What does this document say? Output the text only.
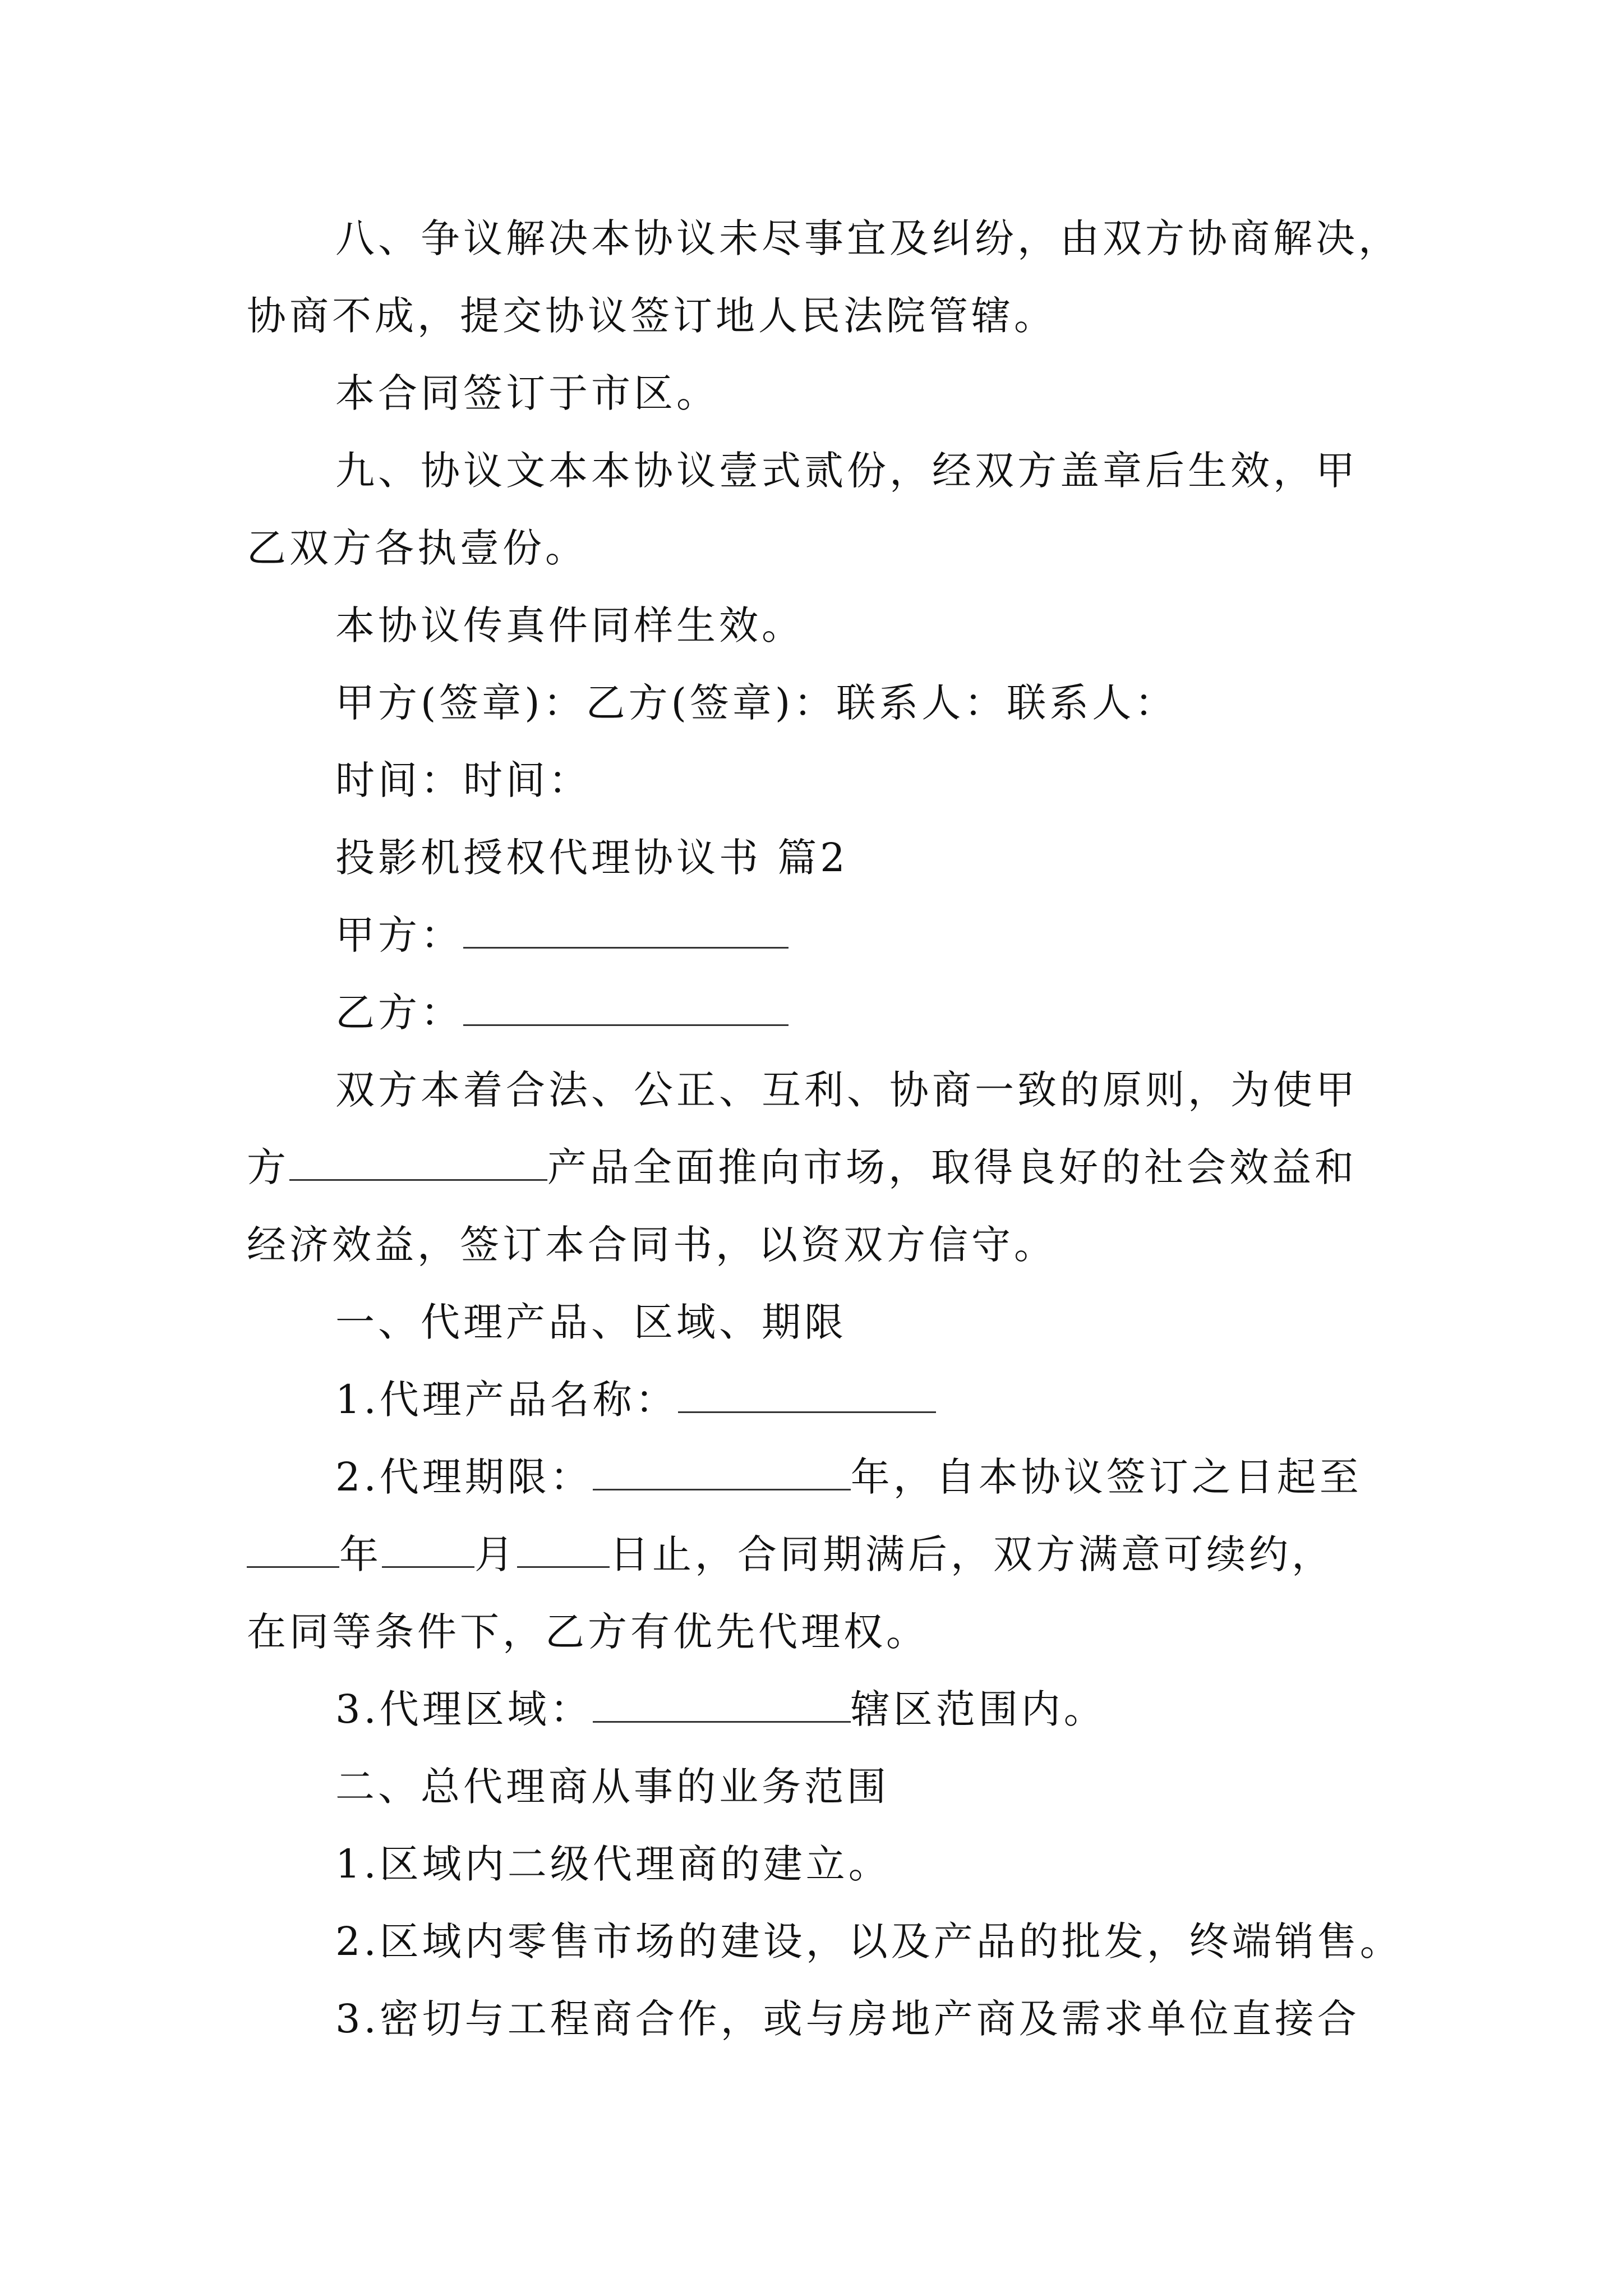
八、争议解决本协议未尽事宜及纠纷，由双方协商解决，
协商不成，提交协议签订地人民法院管辖。
本合同签订于市区。
九、协议文本本协议壹式贰份，经双方盖章后生效，甲
乙双方各执壹份。
本协议传真件同样生效。
甲方(签章)：乙方(签章)：联系人：联系人：
时间：时间：
投影机授权代理协议书 篇2
甲方：
乙方：
双方本着合法、公正、互利、协商一致的原则，为使甲
方	产品全面推向市场，取得良好的社会效益和
经济效益，签订本合同书，以资双方信守。
一、代理产品、区域、期限
1.代理产品名称：
2.代理期限：	年，自本协议签订之日起至
年 月 日止，合同期满后，双方满意可续约，
在同等条件下，乙方有优先代理权。
3.代理区域：	辖区范围内。
二、总代理商从事的业务范围
1.区域内二级代理商的建立。
2.区域内零售市场的建设，以及产品的批发，终端销售。
3.密切与工程商合作，或与房地产商及需求单位直接合
